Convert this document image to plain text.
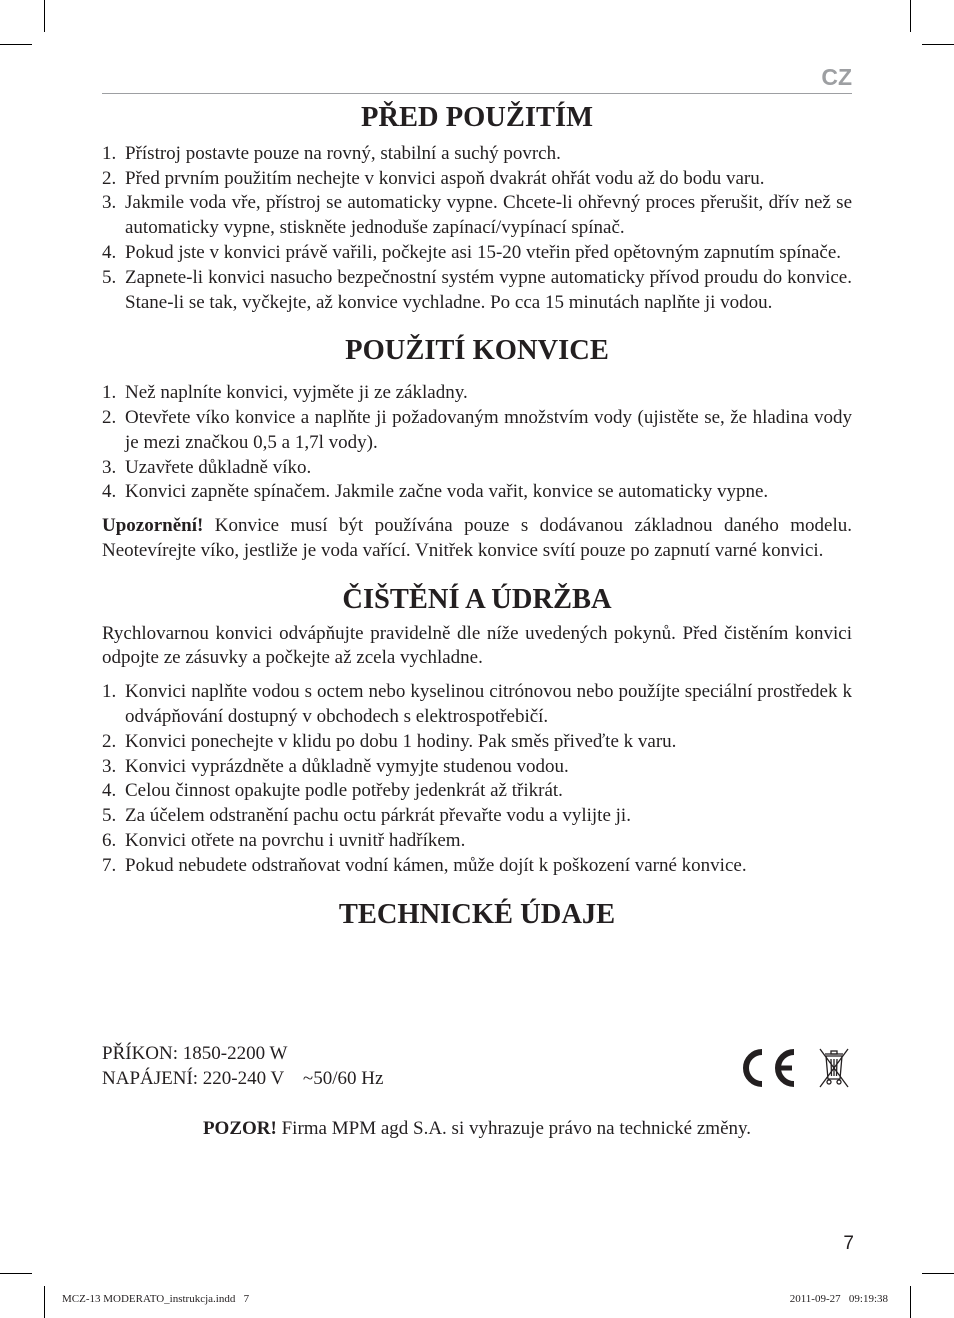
CZ
PŘED POUŽITÍM
1. Přístroj postavte pouze na rovný, stabilní a suchý povrch.
2. Před prvním použitím nechejte v konvici aspoň dvakrát ohřát vodu až do bodu varu.
3. Jakmile voda vře, přístroj se automaticky vypne. Chcete-li ohřevný proces přerušit, dřív než se automaticky vypne, stiskněte jednoduše zapínací/vypínací spínač.
4. Pokud jste v konvici právě vařili, počkejte asi 15-20 vteřin před opětovným zapnutím spínače.
5. Zapnete-li konvici nasucho bezpečnostní systém vypne automaticky přívod proudu do konvice. Stane-li se tak, vyčkejte, až konvice vychladne. Po cca 15 minutách naplňte ji vodou.
POUŽITÍ KONVICE
1. Než naplníte konvici, vyjměte ji ze základny.
2. Otevřete víko konvice a naplňte ji požadovaným množstvím vody (ujistěte se, že hladina vody je mezi značkou 0,5 a 1,7l vody).
3. Uzavřete důkladně víko.
4. Konvici zapněte spínačem. Jakmile začne voda vařit, konvice se automaticky vypne.

Upozornění! Konvice musí být používána pouze s dodávanou základnou daného modelu. Neotevírejte víko, jestliže je voda vařící. Vnitřek konvice svítí pouze po zapnutí varné konvici.

ČIŠTĚNÍ A ÚDRŽBA

Rychlovarnou konvici odvápňujte pravidelně dle níže uvedených pokynů. Před čistěním konvici odpojte ze zásuvky a počkejte až zcela vychladne.

1. Konvici naplňte vodou s octem nebo kyselinou citrónovou nebo použíjte speciální prostředek k odvápňování dostupný v obchodech s elektrospotřebičí.
2. Konvici ponechejte v klidu po dobu 1 hodiny. Pak směs přiveďte k varu.
3. Konvici vyprázdněte a důkladně vymyjte studenou vodou.
4. Celou činnost opakujte podle potřeby jedenkrát až třikrát.
5. Za účelem odstranění pachu octu párkrát převařte vodu a vylijte ji.
6. Konvici otřete na povrchu i uvnitř hadříkem.
7. Pokud nebudete odstraňovat vodní kámen, může dojít k poškození varné konvice.
TECHNICKÉ ÚDAJE
PŘÍKON: 1850-2200 W
NAPÁJENÍ: 220-240 V    ~50/60 Hz
POZOR! Firma MPM agd S.A. si vyhrazuje právo na technické změny.
7
MCZ-13 MODERATO_instrukcja.indd   7	2011-09-27   09:19:38
